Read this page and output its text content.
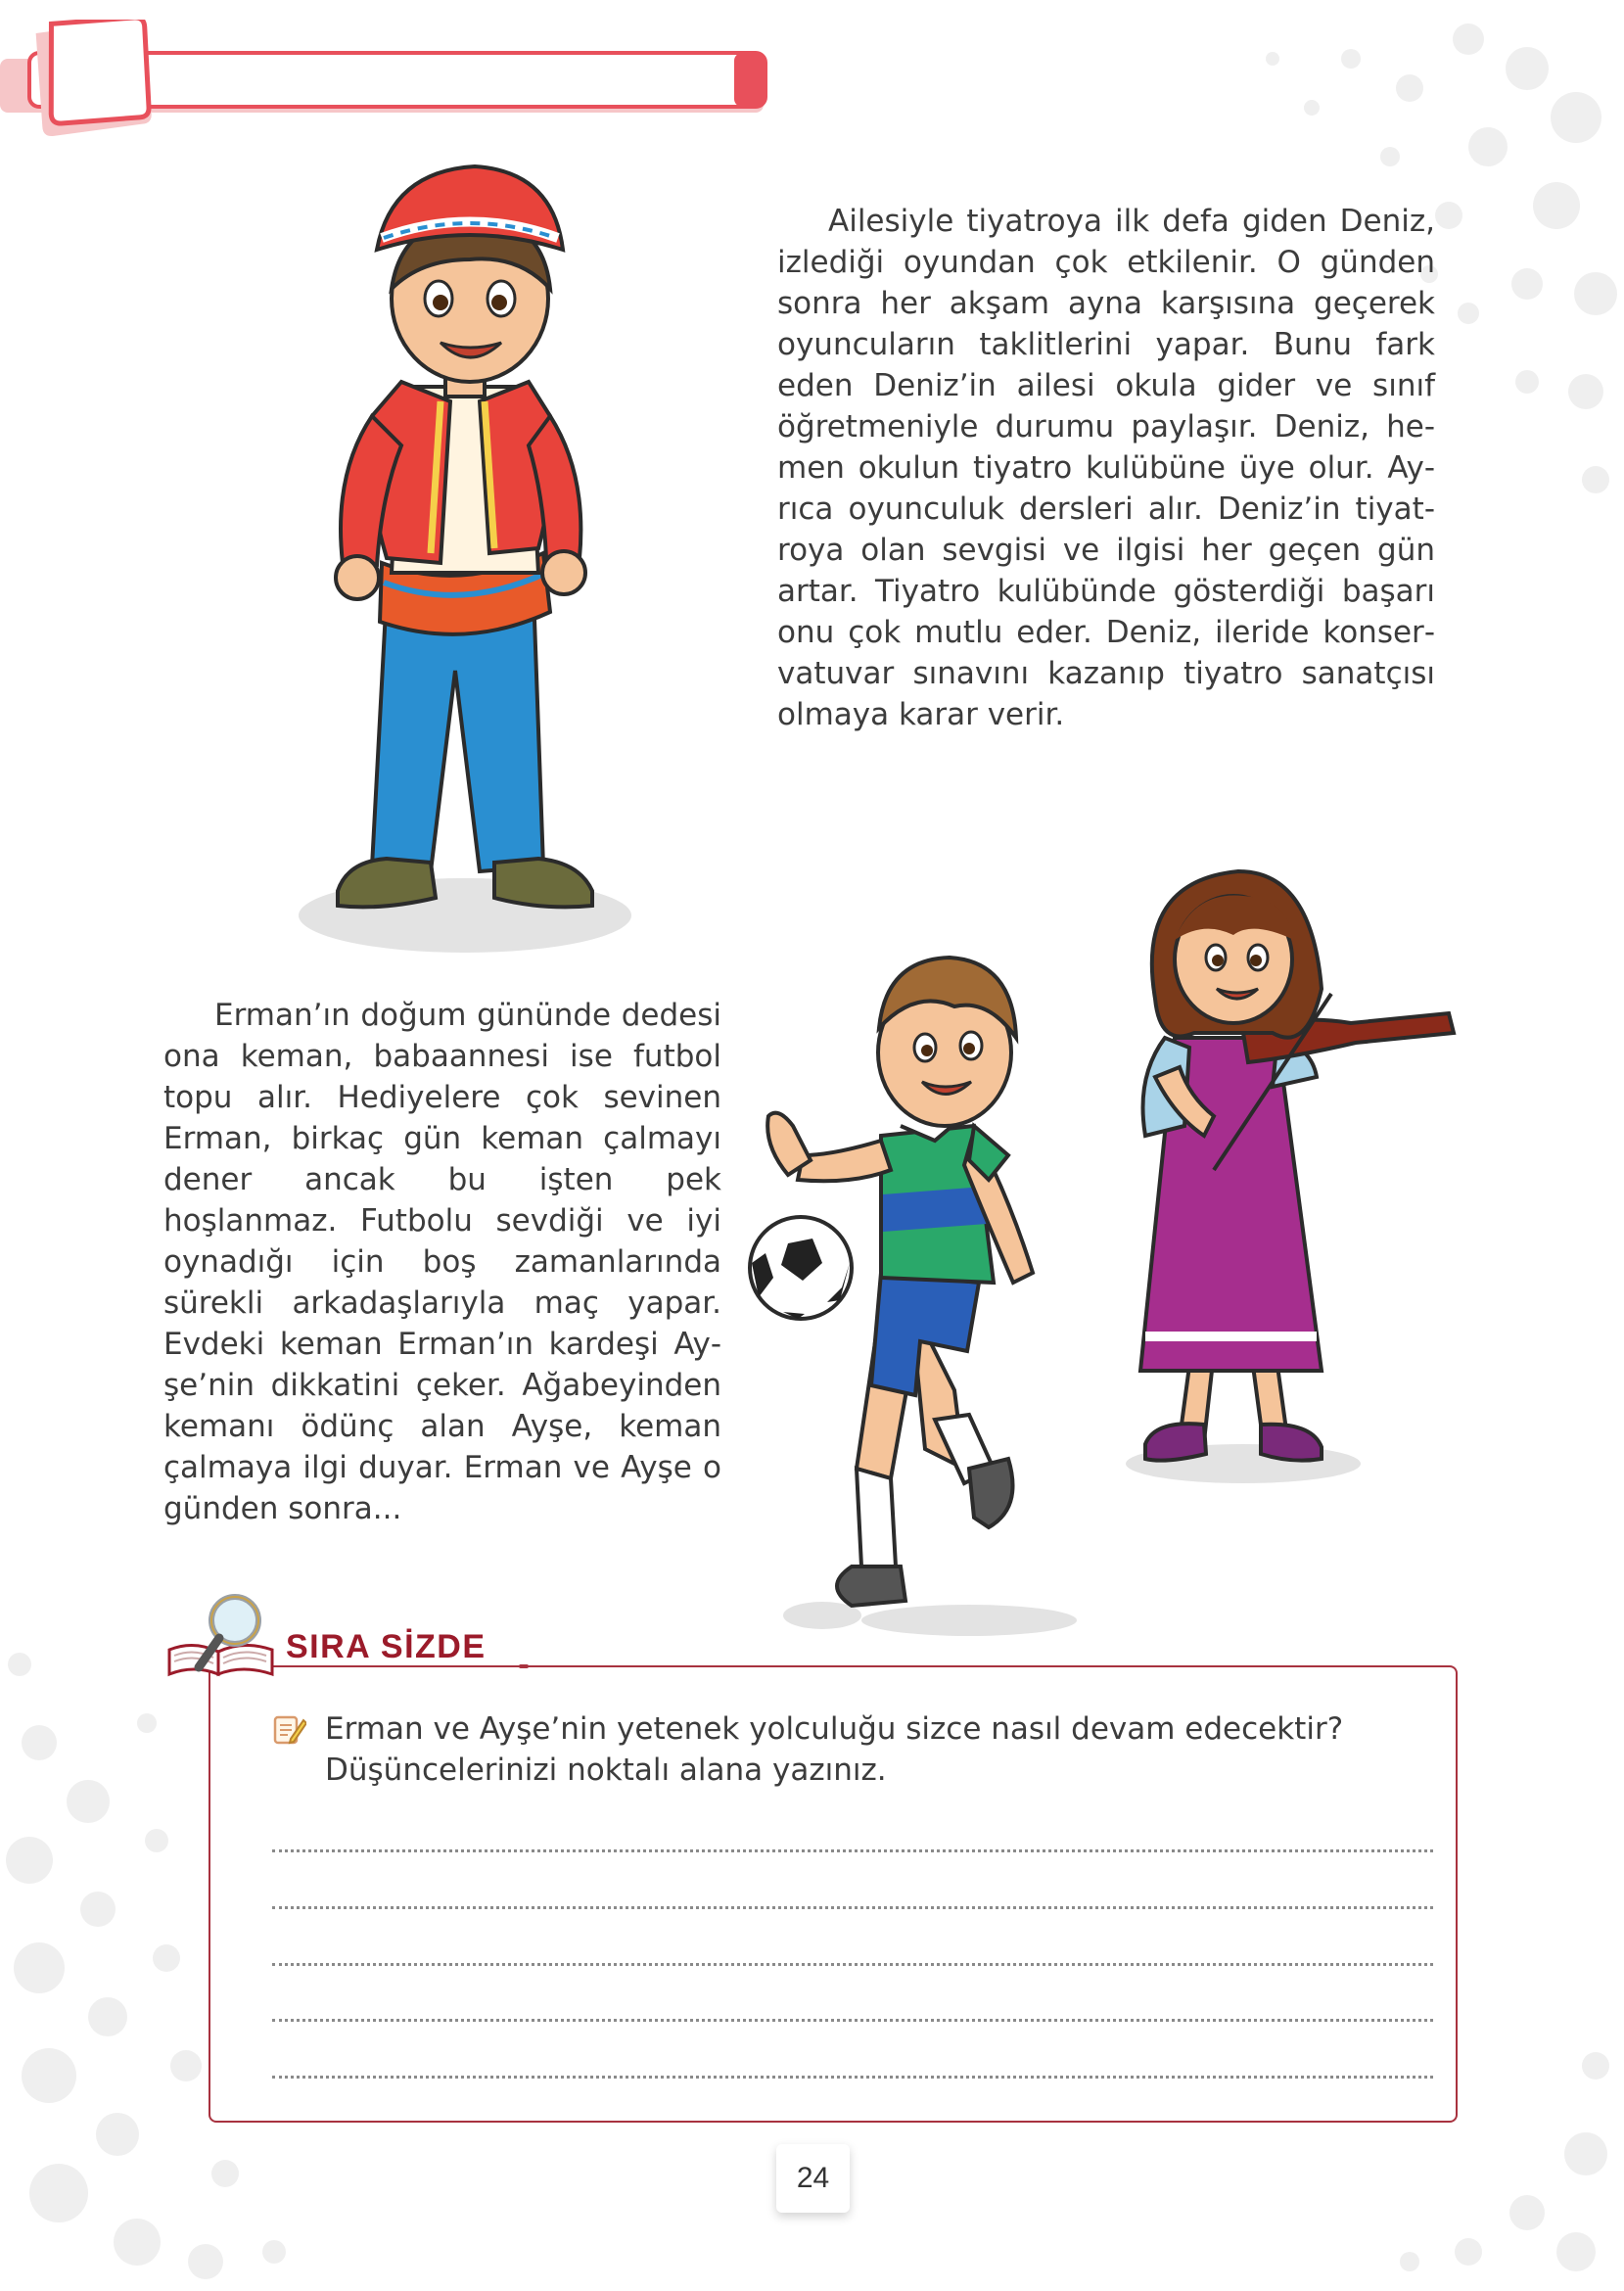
Ailesiyle tiyatroya ilk defa giden Deniz, izlediği oyundan çok etkilenir. O günden sonra her akşam ayna karşısına geçerek oyuncuların taklitlerini yapar. Bunu fark eden Deniz’in ailesi okula gider ve sınıf öğretmeniyle durumu paylaşır. Deniz, hemen okulun tiyatro kulübüne üye olur. Ayrıca oyunculuk dersleri alır. Deniz’in tiyatroya olan sevgisi ve ilgisi her geçen gün artar. Tiyatro kulübünde gösterdiği başarı onu çok mutlu eder. Deniz, ileride konservatuvar sınavını kazanıp tiyatro sanatçısı olmaya karar verir.

Erman’ın doğum gününde dedesi ona keman, babaannesi ise futbol topu alır. Hediyelere çok sevinen Erman, birkaç gün keman çalmayı dener ancak bu işten pek hoşlanmaz. Futbolu sevdiği ve iyi oynadığı için boş zamanlarında sürekli arkadaşlarıyla maç yapar. Evdeki keman Erman’ın kardeşi Ayşe’nin dikkatini çeker. Ağabeyinden kemanı ödünç alan Ayşe, keman çalmaya ilgi duyar. Erman ve Ayşe o günden sonra...

SIRA SİZDE
Erman ve Ayşe’nin yetenek yolculuğu sizce nasıl devam edecektir? Düşüncelerinizi noktalı alana yazınız.
24
